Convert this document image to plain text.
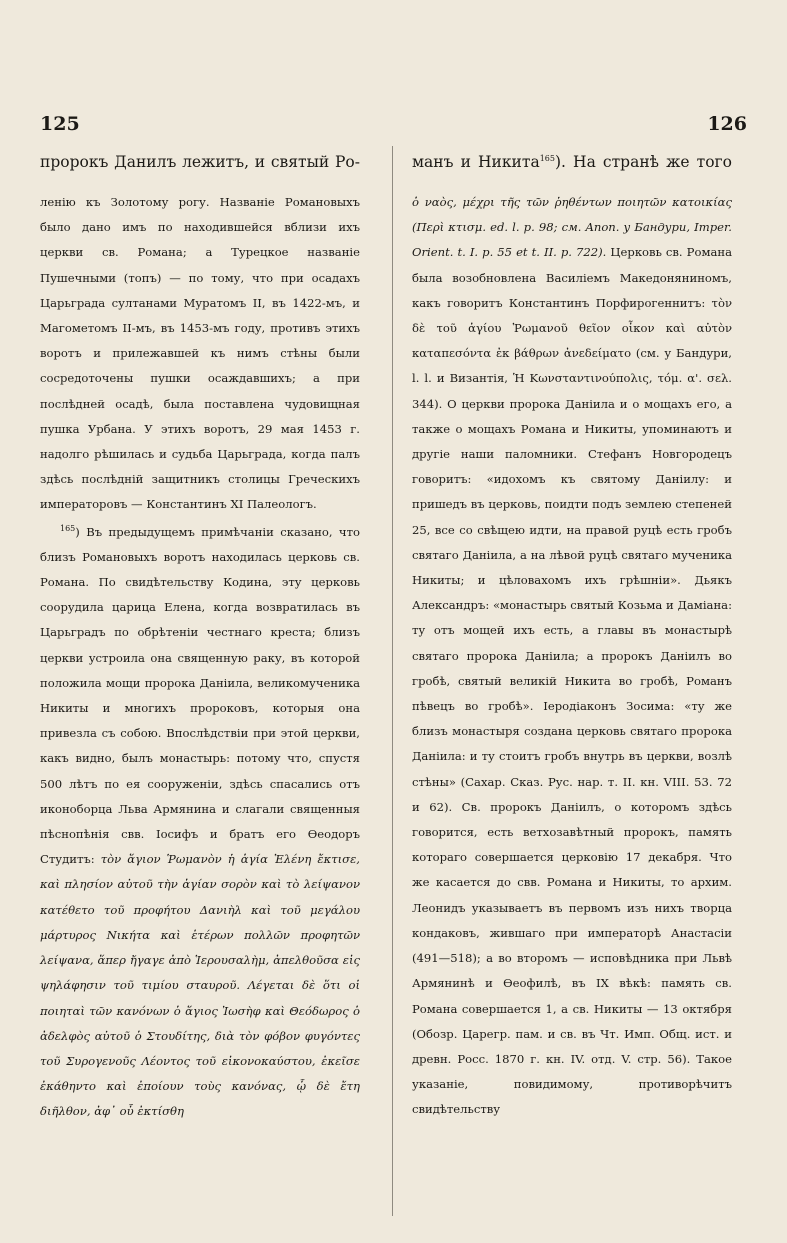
125	126
пророкъ Данилъ лежитъ, и святый Ро-

ленію къ Золотому рогу. Названіе Романовыхъ было дано имъ по находившейся вблизи ихъ церкви св. Романа; а Турецкое названіе Пушечными (топъ) — по тому, что при осадахъ Царьграда султанами Муратомъ II, въ 1422-мъ, и Магометомъ II-мъ, въ 1453-мъ году, противъ этихъ воротъ и прилежавшей къ нимъ стѣны были сосредоточены пушки осаждавшихъ; а при послѣдней осадѣ, была поставлена чудовищная пушка Урбана. У этихъ воротъ, 29 мая 1453 г. надолго рѣшилась и судьба Царьграда, когда палъ здѣсь послѣдній защитникъ столицы Греческихъ императоровъ — Константинъ XI Палеологъ.

$^{165}$) Въ предыдущемъ примѣчаніи сказано, что близъ Романовыхъ воротъ находилась церковь св. Романа. По свидѣтельству Кодина, эту церковь соорудила царица Елена, когда возвратилась въ Царьградъ по обрѣтеніи честнаго креста; близъ церкви устроила она священную раку, въ которой положила мощи пророка Даніила, великомученика Никиты и многихъ пророковъ, которыя она привезла съ собою. Впослѣдствіи при этой церкви, какъ видно, былъ монастырь: потому что, спустя 500 лѣтъ по ея сооруженіи, здѣсь спасались отъ иконоборца Льва Армянина и слагали священныя пѣснопѣнія свв. Іосифъ и братъ его Ѳеодоръ Студитъ: τὸν ἅγιον Ῥωμανὸν ἡ ἁγία Ἑλένη ἔκτισε, καὶ πλησίον αὐτοῦ τὴν ἁγίαν σορὸν καὶ τὸ λείψανον κατέθετο τοῦ προφήτου Δανιὴλ καὶ τοῦ μεγάλου μάρτυρος Νικήτα καὶ ἑτέρων πολλῶν προφητῶν λείψανα, ἅπερ ἤγαγε ἀπὸ Ἱερουσαλὴμ, ἀπελθοῦσα εἰς ψηλάφησιν τοῦ τιμίου σταυροῦ. Λέγεται δὲ ὅτι οἱ ποιηταὶ τῶν κανόνων ὁ ἅγιος Ἰωσὴφ καὶ Θεόδωρος ὁ ἀδελφὸς αὐτοῦ ὁ Στουδίτης, διὰ τὸν φόβον φυγόντες τοῦ Συρογενοῦς Λέοντος τοῦ εἰκονοκαύστου, ἐκεῖσε ἐκάθηντο καὶ ἐποίουν τοὺς κανόνας, ᾧ δὲ ἔτη διῆλθον, ἀφ᾽ οὗ ἐκτίσθη

манъ и Никита$^{165}$). На странѣ же того

ὁ ναὸς, μέχρι τῆς τῶν ῥηθέντων ποιητῶν κατοικίας (Περὶ κτισμ. ed. l. p. 98; см. Anon. у Бандури, Imper. Orient. t. I. p. 55 et t. II. p. 722). Церковь св. Романа была возобновлена Василіемъ Македоняниномъ, какъ говоритъ Константинъ Порфирогеннитъ: τὸν δὲ τοῦ ἁγίου Ῥωμανοῦ θεῖον οἶκον καὶ αὐτὸν καταπεσόντα ἐκ βάθρων ἀνεδείματο (см. у Бандури, l. l. и Византія, Ἡ Κωνσταντινούπολις, τόμ. α'. σελ. 344). О церкви пророка Даніила и о мощахъ его, а также о мощахъ Романа и Никиты, упоминаютъ и другіе наши паломники. Стефанъ Новгородецъ говоритъ: «идохомъ къ святому Даніилу: и пришедъ въ церковь, поидти подъ землею степеней 25, все со свѣщею идти, на правой руцѣ есть гробъ святаго Даніила, а на лѣвой руцѣ святаго мученика Никиты; и цѣловахомъ ихъ грѣшніи». Дьякъ Александръ: «монастырь святый Козьма и Даміана: ту отъ мощей ихъ есть, а главы въ монастырѣ святаго пророка Даніила; а пророкъ Даніилъ во гробѣ, святый великій Никита во гробѣ, Романъ пѣвецъ во гробѣ». Іеродіаконъ Зосима: «ту же близъ монастыря создана церковь святаго пророка Даніила: и ту стоитъ гробъ внутрь въ церкви, возлѣ стѣны» (Сахар. Сказ. Рус. нар. т. II. кн. VIII. 53. 72 и 62). Св. пророкъ Даніилъ, о которомъ здѣсь говорится, есть ветхозавѣтный пророкъ, память котораго совершается церковію 17 декабря. Что же касается до свв. Романа и Никиты, то архим. Леонидъ указываетъ въ первомъ изъ нихъ творца кондаковъ, жившаго при императорѣ Анастасіи (491—518); а во второмъ — исповѣдника при Львѣ Армянинѣ и Ѳеофилѣ, въ IX вѣкѣ: память св. Романа совершается 1, а св. Никиты — 13 октября (Обозр. Царегр. пам. и св. въ Чт. Имп. Общ. ист. и древн. Росс. 1870 г. кн. IV. отд. V. стр. 56). Такое указаніе, повидимому, противорѣчитъ свидѣтельству
